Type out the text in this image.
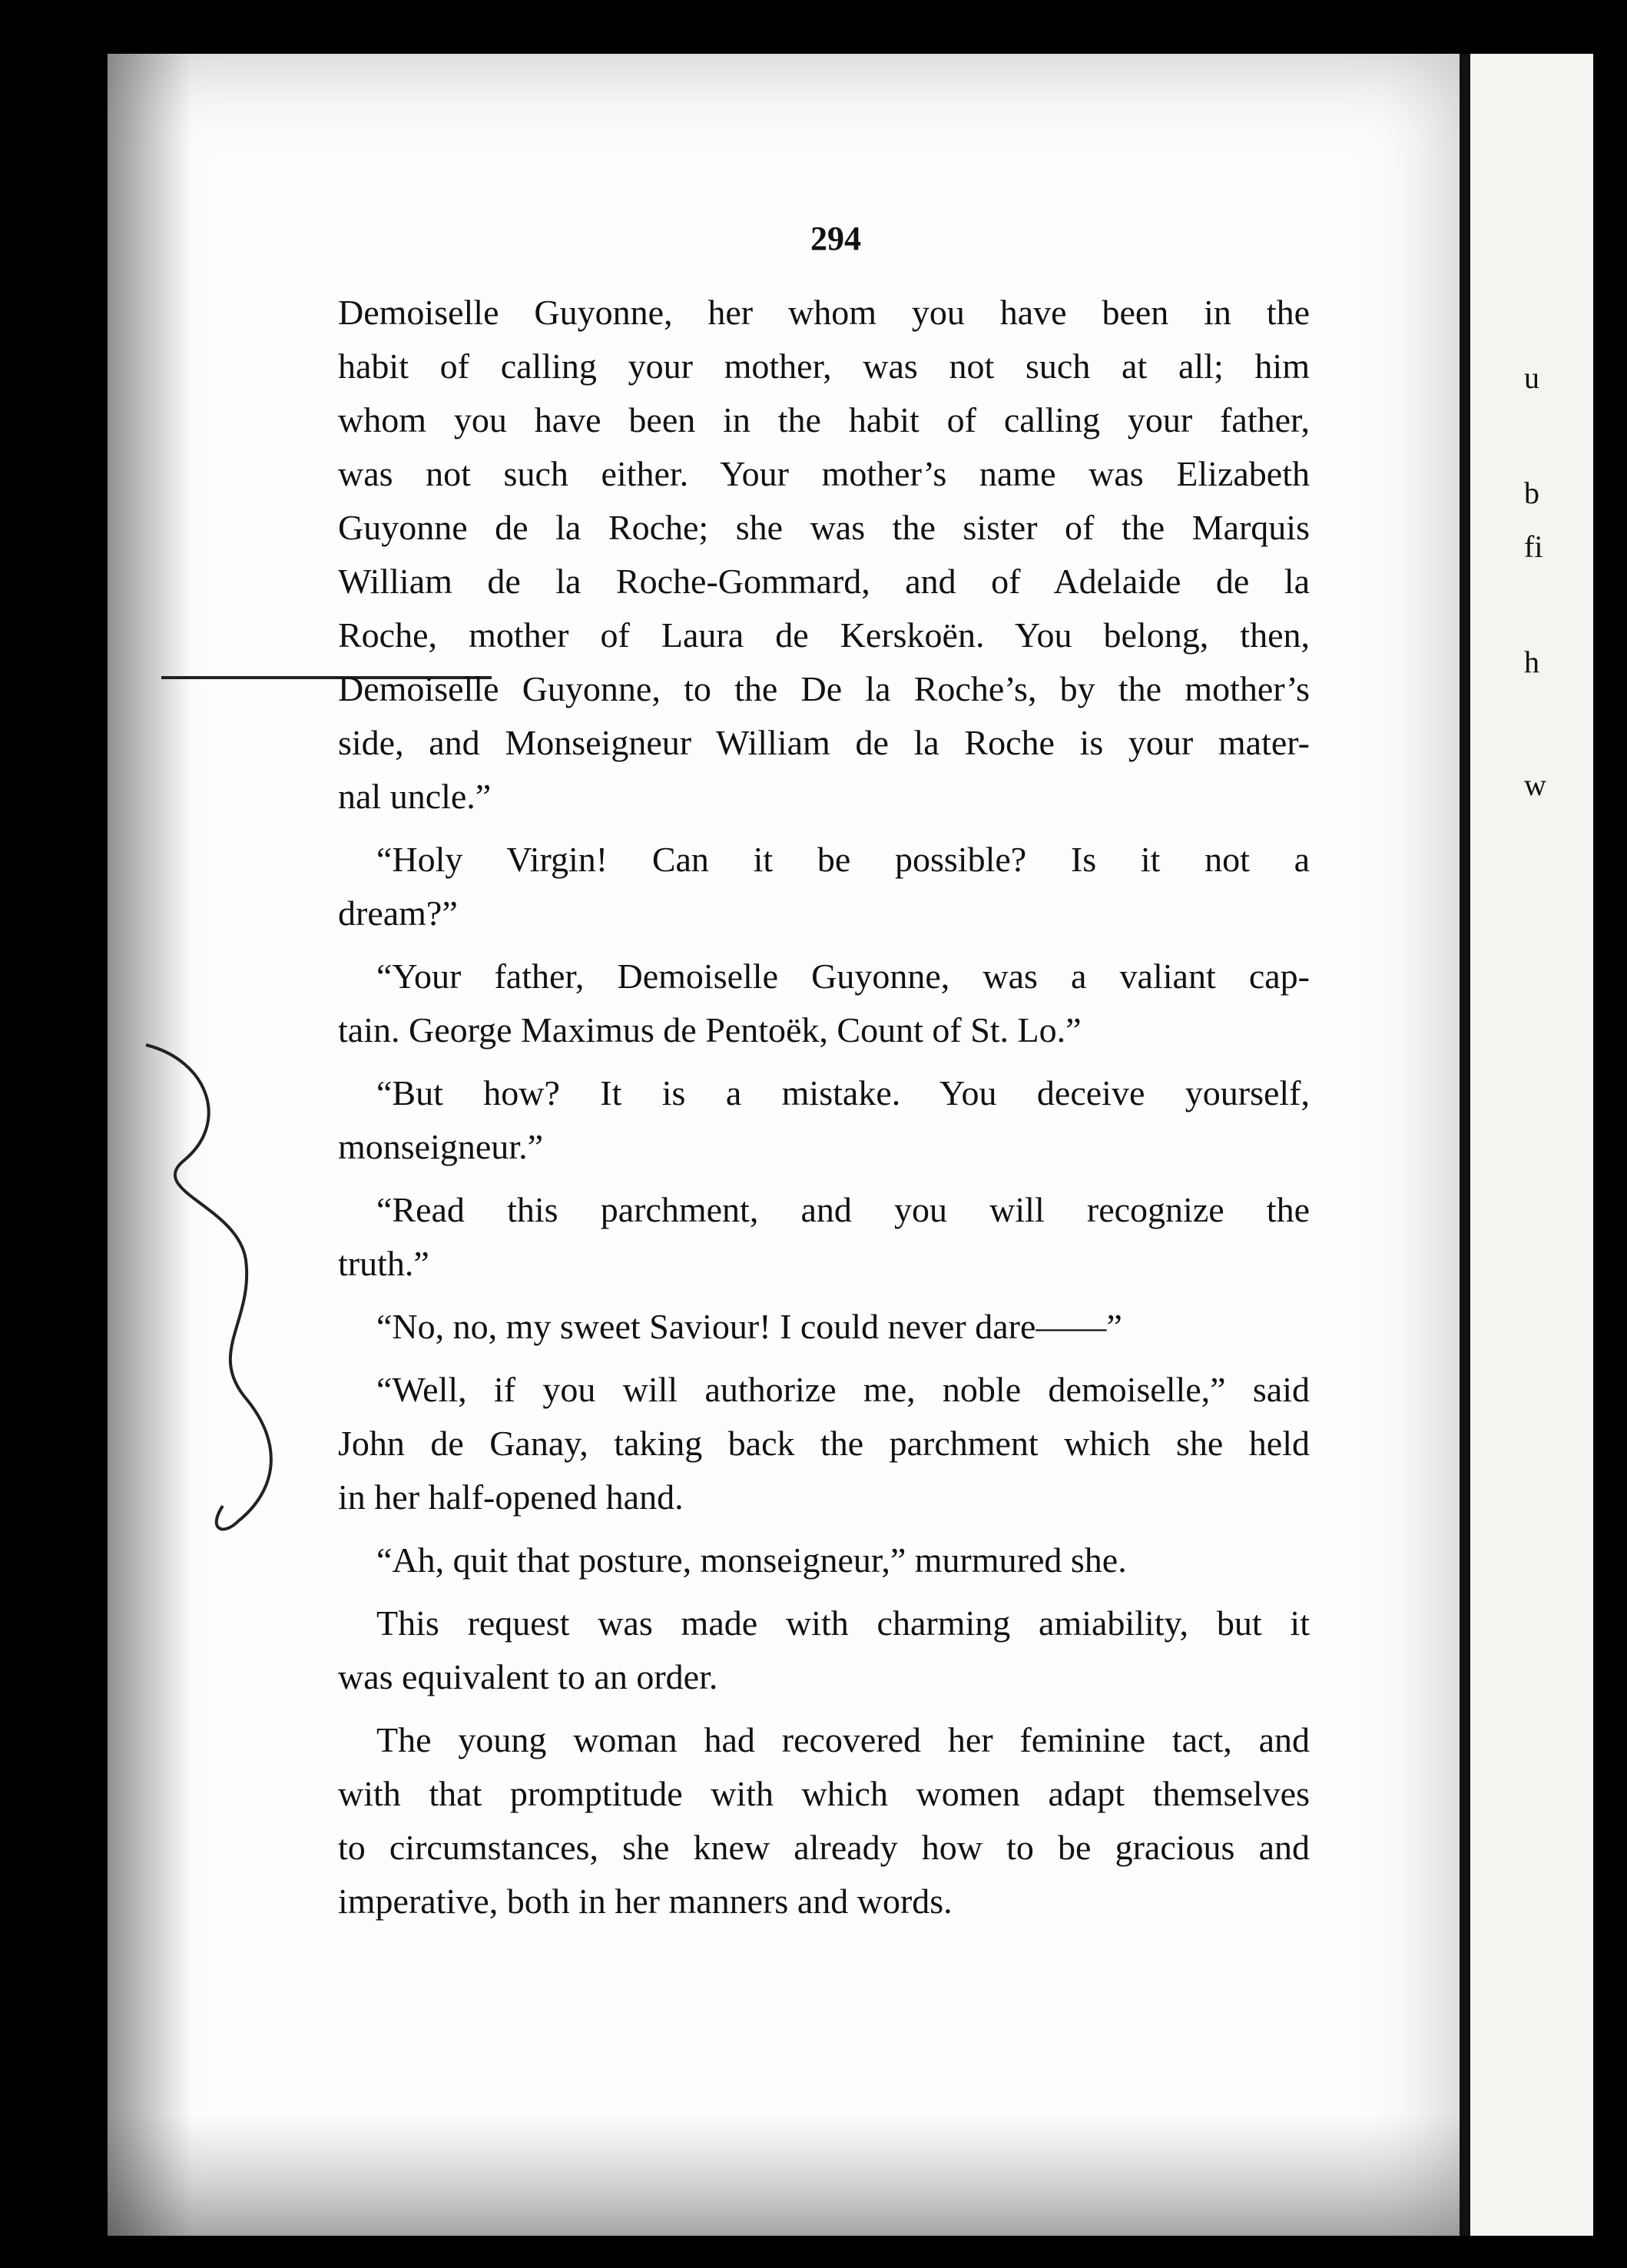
u
b
fi
h
w
294
Demoiselle Guyonne, her whom you have been in the
habit of calling your mother, was not such at all; him
whom you have been in the habit of calling your father,
was not such either. Your mother’s name was Elizabeth
Guyonne de la Roche; she was the sister of the Marquis
William de la Roche-Gommard, and of Adelaide de la
Roche, mother of Laura de Kerskoën. You belong, then,
Demoiselle Guyonne, to the De la Roche’s, by the mother’s
side, and Monseigneur William de la Roche is your mater-
nal uncle.”
“Holy Virgin! Can it be possible? Is it not a
dream?”
“Your father, Demoiselle Guyonne, was a valiant cap-
tain. George Maximus de Pentoëk, Count of St. Lo.”
“But how? It is a mistake. You deceive yourself,
monseigneur.”
“Read this parchment, and you will recognize the
truth.”
“No, no, my sweet Saviour! I could never dare——”
“Well, if you will authorize me, noble demoiselle,” said
John de Ganay, taking back the parchment which she held
in her half-opened hand.
“Ah, quit that posture, monseigneur,” murmured she.
This request was made with charming amiability, but it
was equivalent to an order.
The young woman had recovered her feminine tact, and
with that promptitude with which women adapt themselves
to circumstances, she knew already how to be gracious and
imperative, both in her manners and words.
